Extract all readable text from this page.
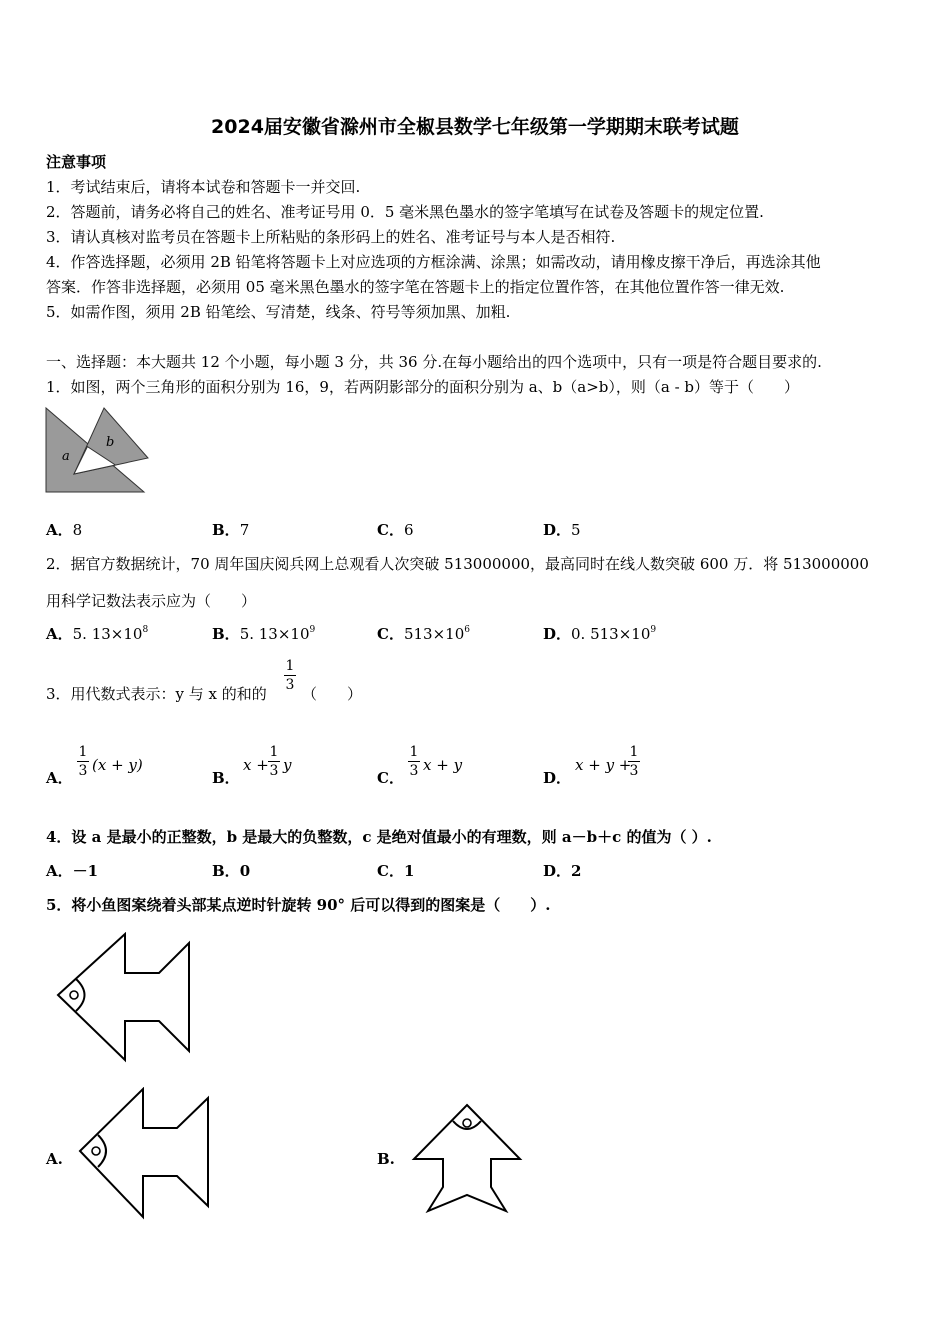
2024届安徽省滁州市全椒县数学七年级第一学期期末联考试题
注意事项
1．考试结束后，请将本试卷和答题卡一并交回.
2．答题前，请务必将自己的姓名、准考证号用 0．5 毫米黑色墨水的签字笔填写在试卷及答题卡的规定位置.
3．请认真核对监考员在答题卡上所粘贴的条形码上的姓名、准考证号与本人是否相符.
4．作答选择题，必须用 2B 铅笔将答题卡上对应选项的方框涂满、涂黑；如需改动，请用橡皮擦干净后，再选涂其他
答案．作答非选择题，必须用 05 毫米黑色墨水的签字笔在答题卡上的指定位置作答，在其他位置作答一律无效.
5．如需作图，须用 2B 铅笔绘、写清楚，线条、符号等须加黑、加粗.
一、选择题：本大题共 12 个小题，每小题 3 分，共 36 分.在每小题给出的四个选项中，只有一项是符合题目要求的.
1．如图，两个三角形的面积分别为 16，9，若两阴影部分的面积分别为 a、b（a>b），则（a - b）等于（　　）
a
b
A．8	B．7	C．6	D．5
2．据官方数据统计，70 周年国庆阅兵网上总观看人次突破 513000000，最高同时在线人数突破 600 万．将 513000000
用科学记数法表示应为（　　）
A．5. $13\times 10^8$	B．5. $13\times 10^9$	C．$513\times 10^6$	D．0. $513\times 10^9$
3．用代数式表示：y 与 x 的和的
1
3 （　　）
A．
1
3 (x + y)
B．
x +
1
3 y
C．
1
3 x + y
D．
x + y +
1
3
4．设 a 是最小的正整数，b 是最大的负整数，c 是绝对值最小的有理数，则 a－b＋c 的值为（ ）.
A．－1	B．0	C．1	D．2
5．将小鱼图案绕着头部某点逆时针旋转 90° 后可以得到的图案是（　　）.
A.	B.
